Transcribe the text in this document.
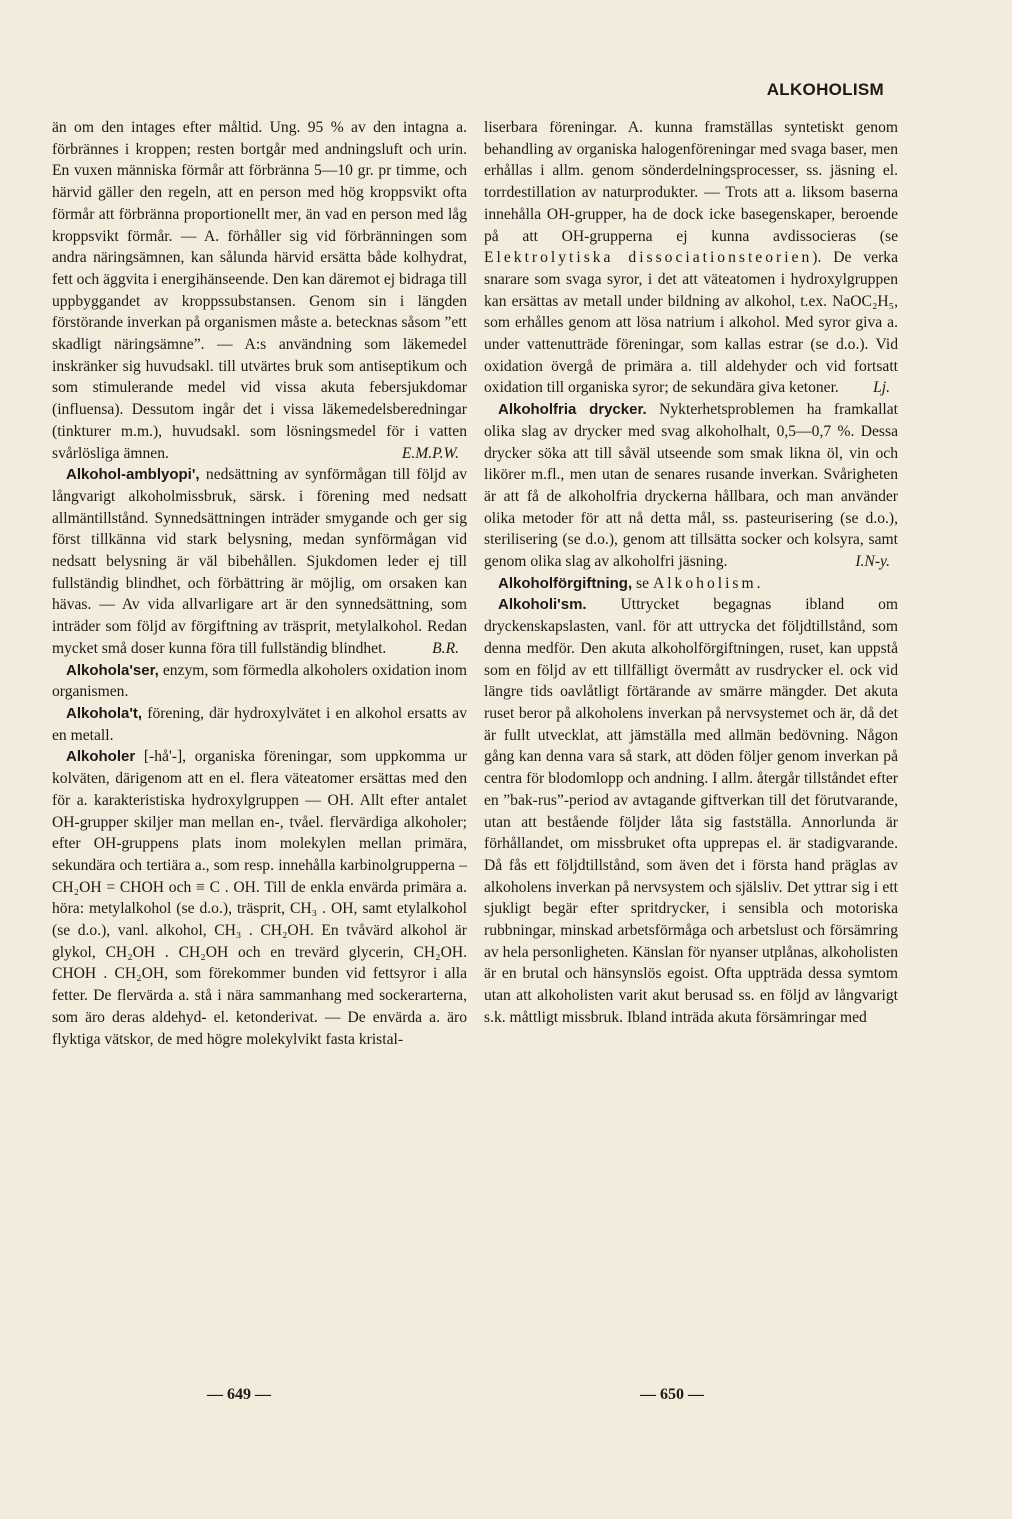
ALKOHOLISM

än om den intages efter måltid. Ung. 95 % av den intagna a. förbrännes i kroppen; resten bortgår med andningsluft och urin. En vuxen människa förmår att förbränna 5—10 gr. pr timme, och härvid gäller den regeln, att en person med hög kroppsvikt ofta förmår att förbränna proportionellt mer, än vad en person med låg kroppsvikt förmår. — A. förhåller sig vid förbränningen som andra näringsämnen, kan sålunda härvid ersätta både kolhydrat, fett och äggvita i energihänseende. Den kan däremot ej bidraga till uppbyggandet av kroppssubstansen. Genom sin i längden förstörande inverkan på organismen måste a. betecknas såsom ”ett skadligt näringsämne”. — A:s användning som läkemedel inskränker sig huvudsakl. till utvärtes bruk som antiseptikum och som stimulerande medel vid vissa akuta febersjukdomar (influensa). Dessutom ingår det i vissa läkemedelsberedningar (tinkturer m.m.), huvudsakl. som lösningsmedel för i vatten svårlösliga ämnen.	E.M.P.W.

Alkohol-amblyopi', nedsättning av synförmågan till följd av långvarigt alkoholmissbruk, särsk. i förening med nedsatt allmäntillstånd. Synnedsättningen inträder smygande och ger sig först tillkänna vid stark belysning, medan synförmågan vid nedsatt belysning är väl bibehållen. Sjukdomen leder ej till fullständig blindhet, och förbättring är möjlig, om orsaken kan hävas. — Av vida allvarligare art är den synnedsättning, som inträder som följd av förgiftning av träsprit, metylalkohol. Redan mycket små doser kunna föra till fullständig blindhet.	B.R.

Alkohola'ser, enzym, som förmedla alkoholers oxidation inom organismen.

Alkohola't, förening, där hydroxylvätet i en alkohol ersatts av en metall.

Alkoholer [-hå'-], organiska föreningar, som uppkomma ur kolväten, därigenom att en el. flera väteatomer ersättas med den för a. karakteristiska hydroxylgruppen — OH. Allt efter antalet OH-grupper skiljer man mellan en-, tvåel. flervärdiga alkoholer; efter OH-gruppens plats inom molekylen mellan primära, sekundära och tertiära a., som resp. innehålla karbinolgrupperna – CH₂OH = CHOH och ≡ C . OH. Till de enkla envärda primära a. höra: metylalkohol (se d.o.), träsprit, CH₃ . OH, samt etylalkohol (se d.o.), vanl. alkohol, CH₃ . CH₂OH. En tvåvärd alkohol är glykol, CH₂OH . CH₂OH och en trevärd glycerin, CH₂OH. CHOH . CH₂OH, som förekommer bunden vid fettsyror i alla fetter. De flervärda a. stå i nära sammanhang med sockerarterna, som äro deras aldehyd- el. ketonderivat. — De envärda a. äro flyktiga vätskor, de med högre molekylvikt fasta kristal-

liserbara föreningar. A. kunna framställas syntetiskt genom behandling av organiska halogenföreningar med svaga baser, men erhållas i allm. genom sönderdelningsprocesser, ss. jäsning el. torrdestillation av naturprodukter. — Trots att a. liksom baserna innehålla OH-grupper, ha de dock icke basegenskaper, beroende på att OH-grupperna ej kunna avdissocieras (se Elektrolytiska dissociationsteorien). De verka snarare som svaga syror, i det att väteatomen i hydroxylgruppen kan ersättas av metall under bildning av alkohol, t.ex. NaOC₂H₅, som erhålles genom att lösa natrium i alkohol. Med syror giva a. under vattenutträde föreningar, som kallas estrar (se d.o.). Vid oxidation övergå de primära a. till aldehyder och vid fortsatt oxidation till organiska syror; de sekundära giva ketoner. Lj.

Alkoholfria drycker. Nykterhetsproblemen ha framkallat olika slag av drycker med svag alkoholhalt, 0,5—0,7 %. Dessa drycker söka att till såväl utseende som smak likna öl, vin och likörer m.fl., men utan de senares rusande inverkan. Svårigheten är att få de alkoholfria dryckerna hållbara, och man använder olika metoder för att nå detta mål, ss. pasteurisering (se d.o.), sterilisering (se d.o.), genom att tillsätta socker och kolsyra, samt genom olika slag av alkoholfri jäsning.	I.N-y.

Alkoholförgiftning, se Alkoholism.

Alkoholi'sm. Uttrycket begagnas ibland om dryckenskapslasten, vanl. för att uttrycka det följdtillstånd, som denna medför. Den akuta alkoholförgiftningen, ruset, kan uppstå som en följd av ett tillfälligt övermått av rusdrycker el. ock vid längre tids oavlåtligt förtärande av smärre mängder. Det akuta ruset beror på alkoholens inverkan på nervsystemet och är, då det är fullt utvecklat, att jämställa med allmän bedövning. Någon gång kan denna vara så stark, att döden följer genom inverkan på centra för blodomlopp och andning. I allm. återgår tillståndet efter en ”bak-rus”-period av avtagande giftverkan till det förutvarande, utan att bestående följder låta sig fastställa. Annorlunda är förhållandet, om missbruket ofta upprepas el. är stadigvarande. Då fås ett följdtillstånd, som även det i första hand präglas av alkoholens inverkan på nervsystem och själsliv. Det yttrar sig i ett sjukligt begär efter spritdrycker, i sensibla och motoriska rubbningar, minskad arbetsförmåga och arbetslust och försämring av hela personligheten. Känslan för nyanser utplånas, alkoholisten är en brutal och hänsynslös egoist. Ofta uppträda dessa symtom utan att alkoholisten varit akut berusad ss. en följd av långvarigt s.k. måttligt missbruk. Ibland inträda akuta försämringar med

— 649 —	— 650 —
